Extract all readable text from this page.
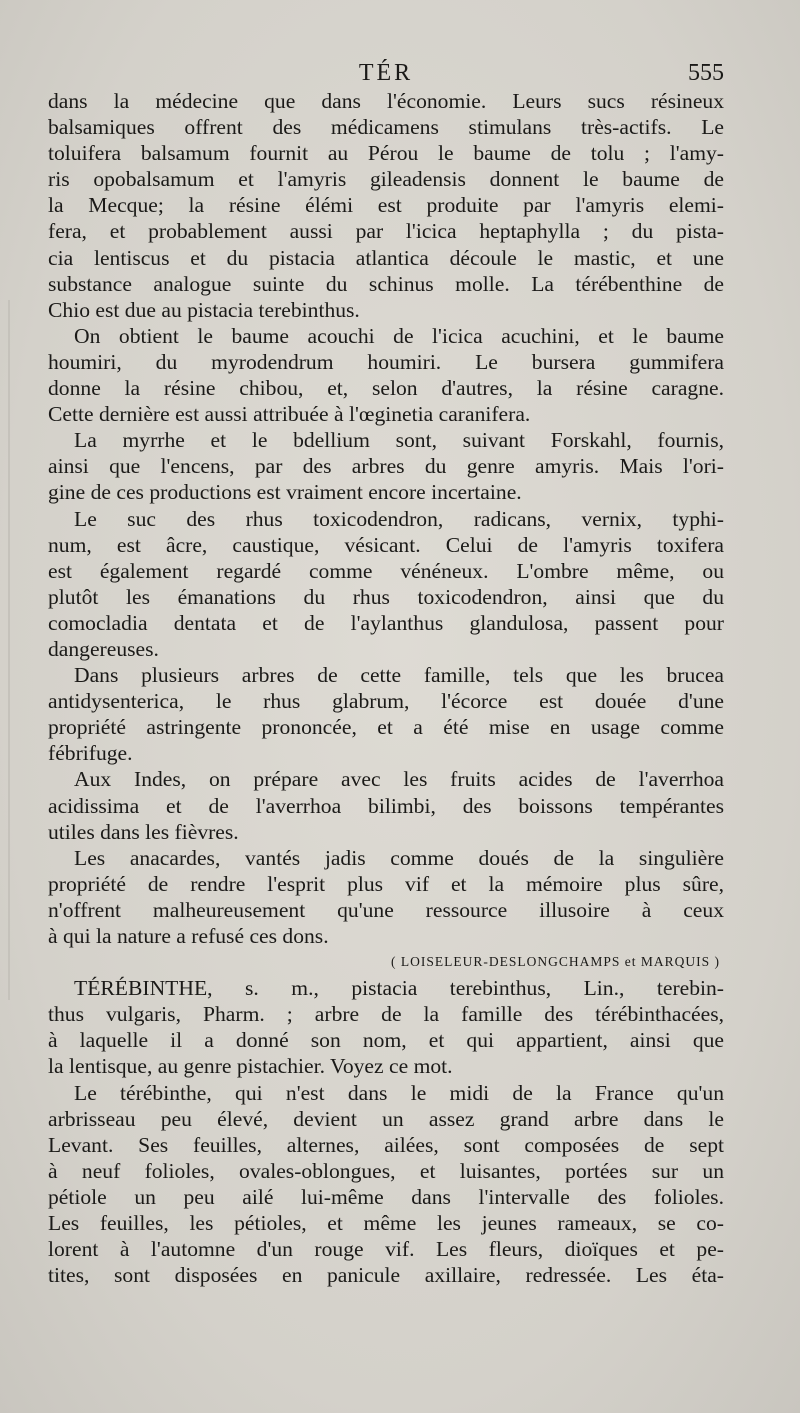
TÉR	555
dans la médecine que dans l'économie. Leurs sucs résineux
balsamiques offrent des médicamens stimulans très-actifs. Le
toluifera balsamum fournit au Pérou le baume de tolu ; l'amy-
ris opobalsamum et l'amyris gileadensis donnent le baume de
la Mecque; la résine élémi est produite par l'amyris elemi-
fera, et probablement aussi par l'icica heptaphylla ; du pista-
cia lentiscus et du pistacia atlantica découle le mastic, et une
substance analogue suinte du schinus molle. La térébenthine de
Chio est due au pistacia terebinthus.
On obtient le baume acouchi de l'icica acuchini, et le baume
houmiri, du myrodendrum houmiri. Le bursera gummifera
donne la résine chibou, et, selon d'autres, la résine caragne.
Cette dernière est aussi attribuée à l'œginetia caranifera.
La myrrhe et le bdellium sont, suivant Forskahl, fournis,
ainsi que l'encens, par des arbres du genre amyris. Mais l'ori-
gine de ces productions est vraiment encore incertaine.
Le suc des rhus toxicodendron, radicans, vernix, typhi-
num, est âcre, caustique, vésicant. Celui de l'amyris toxifera
est également regardé comme vénéneux. L'ombre même, ou
plutôt les émanations du rhus toxicodendron, ainsi que du
comocladia dentata et de l'aylanthus glandulosa, passent pour
dangereuses.
Dans plusieurs arbres de cette famille, tels que les brucea
antidysenterica, le rhus glabrum, l'écorce est douée d'une
propriété astringente prononcée, et a été mise en usage comme
fébrifuge.
Aux Indes, on prépare avec les fruits acides de l'averrhoa
acidissima et de l'averrhoa bilimbi, des boissons tempérantes
utiles dans les fièvres.
Les anacardes, vantés jadis comme doués de la singulière
propriété de rendre l'esprit plus vif et la mémoire plus sûre,
n'offrent malheureusement qu'une ressource illusoire à ceux
à qui la nature a refusé ces dons.
( LOISELEUR-DESLONGCHAMPS et MARQUIS )
TÉRÉBINTHE, s. m., pistacia terebinthus, Lin., terebin-
thus vulgaris, Pharm. ; arbre de la famille des térébinthacées,
à laquelle il a donné son nom, et qui appartient, ainsi que
la lentisque, au genre pistachier. Voyez ce mot.
Le térébinthe, qui n'est dans le midi de la France qu'un
arbrisseau peu élevé, devient un assez grand arbre dans le
Levant. Ses feuilles, alternes, ailées, sont composées de sept
à neuf folioles, ovales-oblongues, et luisantes, portées sur un
pétiole un peu ailé lui-même dans l'intervalle des folioles.
Les feuilles, les pétioles, et même les jeunes rameaux, se co-
lorent à l'automne d'un rouge vif. Les fleurs, dioïques et pe-
tites, sont disposées en panicule axillaire, redressée. Les éta-
